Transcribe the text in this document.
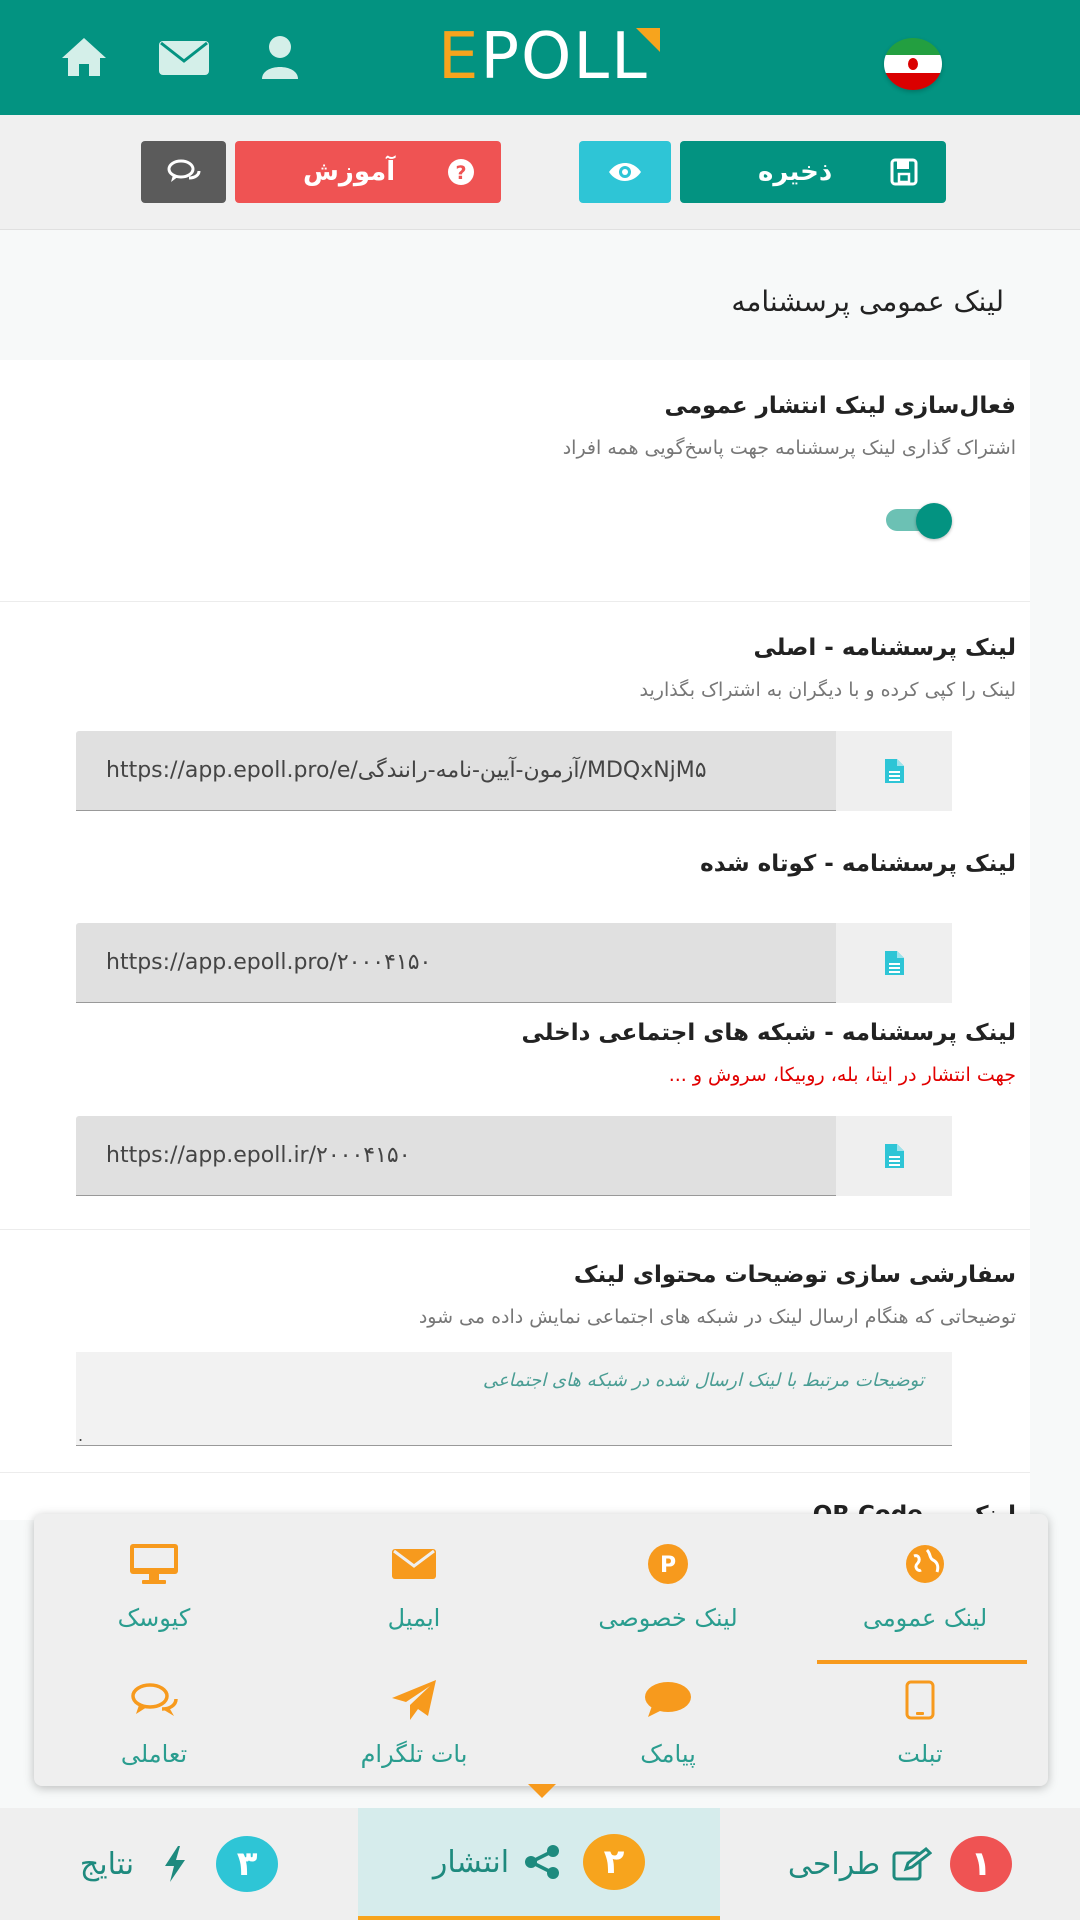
EPOLL
آموزش	?	ذخیره
لینک عمومی پرسشنامه
فعال‌سازی لینک انتشار عمومی
اشتراک گذاری لینک پرسشنامه جهت پاسخ‌گویی همه افراد
لینک پرسشنامه - اصلی
لینک را کپی کرده و با دیگران به اشتراک بگذارید
https://app.epoll.pro/e/آزمون-آیین-نامه-رانندگی/MDQxNjM۵
لینک پرسشنامه - کوتاه شده
https://app.epoll.pro/۲۰۰۰۴۱۵۰
لینک پرسشنامه - شبکه های اجتماعی داخلی
جهت انتشار در ایتا، بله، روبیکا، سروش و ...
https://app.epoll.ir/۲۰۰۰۴۱۵۰
سفارشی سازی توضیحات محتوای لینک
توضیحاتی که هنگام ارسال لینک در شبکه های اجتماعی نمایش داده می شود
توضیحات مرتبط با لینک ارسال شده در شبکه های اجتماعی
.
لینک عمومی
P
لینک خصوصی
ایمیل
کیوسک
تبلت
پیامک
بات تلگرام
تعاملی
۱
طراحی
۲
انتشار
۳
نتایج
